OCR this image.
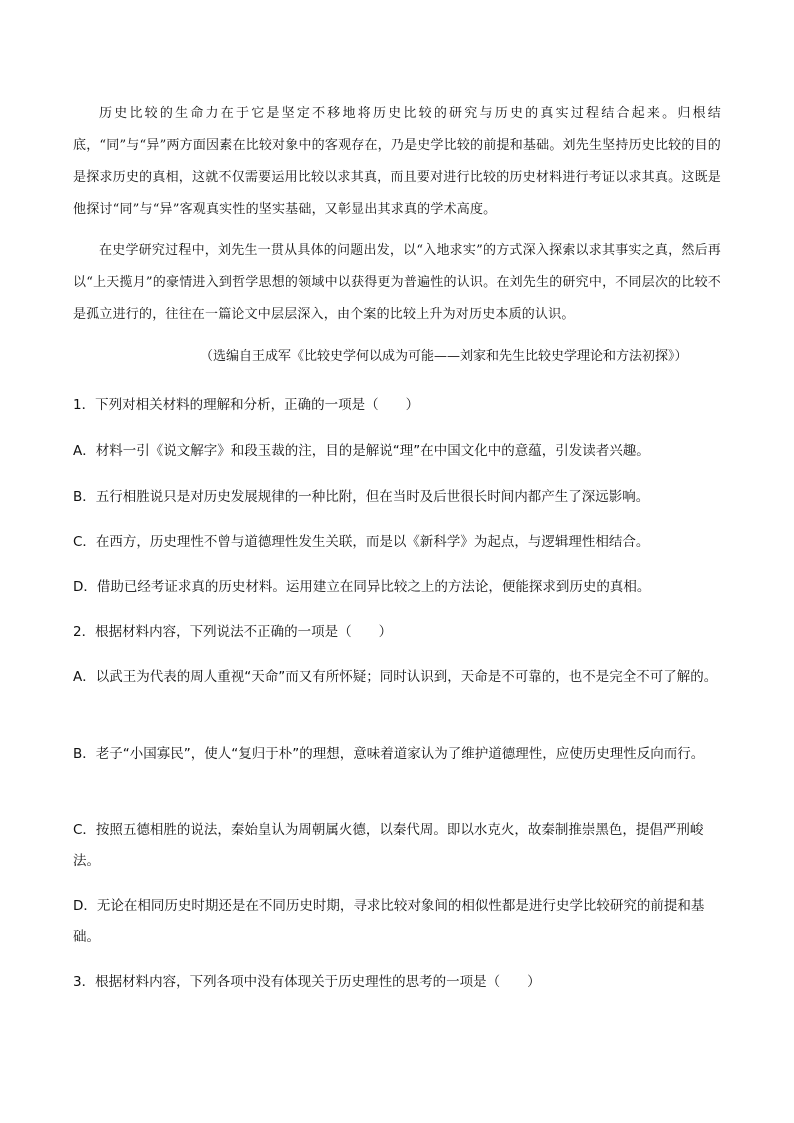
历史比较的生命力在于它是坚定不移地将历史比较的研究与历史的真实过程结合起来。归根结底，“同”与“异”两方面因素在比较对象中的客观存在，乃是史学比较的前提和基础。刘先生坚持历史比较的目的是探求历史的真相，这就不仅需要运用比较以求其真，而且要对进行比较的历史材料进行考证以求其真。这既是他探讨“同”与“异”客观真实性的坚实基础，又彰显出其求真的学术高度。

在史学研究过程中，刘先生一贯从具体的问题出发，以“入地求实”的方式深入探索以求其事实之真，然后再以“上天揽月”的豪情进入到哲学思想的领域中以获得更为普遍性的认识。在刘先生的研究中，不同层次的比较不是孤立进行的，往往在一篇论文中层层深入，由个案的比较上升为对历史本质的认识。

（选编自王成军《比较史学何以成为可能——刘家和先生比较史学理论和方法初探》）
1．下列对相关材料的理解和分析，正确的一项是（　　）
A．材料一引《说文解字》和段玉裁的注，目的是解说“理”在中国文化中的意蕴，引发读者兴趣。
B．五行相胜说只是对历史发展规律的一种比附，但在当时及后世很长时间内都产生了深远影响。
C．在西方，历史理性不曾与道德理性发生关联，而是以《新科学》为起点，与逻辑理性相结合。
D．借助已经考证求真的历史材料。运用建立在同异比较之上的方法论，便能探求到历史的真相。
2．根据材料内容，下列说法不正确的一项是（　　）
A．以武王为代表的周人重视“天命”而又有所怀疑；同时认识到，天命是不可靠的，也不是完全不可了解的。
B．老子“小国寡民”，使人“复归于朴”的理想，意味着道家认为了维护道德理性，应使历史理性反向而行。
C．按照五德相胜的说法，秦始皇认为周朝属火德，以秦代周。即以水克火，故秦制推崇黑色，提倡严刑峻法。
D．无论在相同历史时期还是在不同历史时期，寻求比较对象间的相似性都是进行史学比较研究的前提和基础。
3．根据材料内容，下列各项中没有体现关于历史理性的思考的一项是（　　）
